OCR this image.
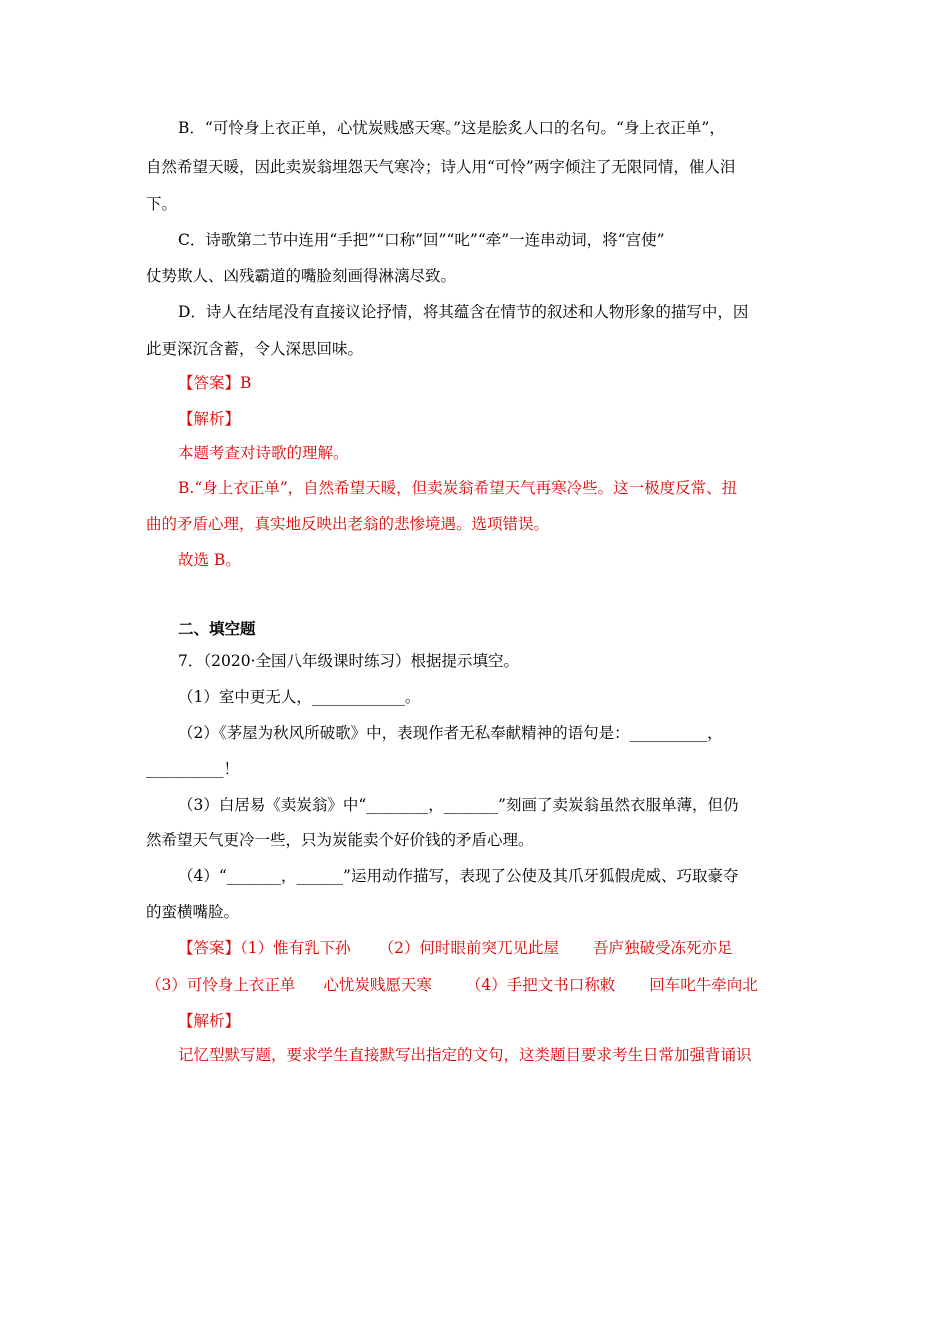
B．“可怜身上衣正单，心忧炭贱感天寒。”这是脍炙人口的名句。“身上衣正单”，
自然希望天暖，因此卖炭翁埋怨天气寒冷；诗人用“可怜”两字倾注了无限同情，催人泪
下。
C．诗歌第二节中连用“手把”“口称”回”“叱”“牵”一连串动词，将“宫使”
仗势欺人、凶残霸道的嘴脸刻画得淋漓尽致。
D．诗人在结尾没有直接议论抒情，将其蕴含在情节的叙述和人物形象的描写中，因
此更深沉含蓄，令人深思回味。
【答案】B
【解析】
本题考查对诗歌的理解。
B.“身上衣正单”，自然希望天暖，但卖炭翁希望天气再寒冷些。这一极度反常、扭
曲的矛盾心理，真实地反映出老翁的悲惨境遇。选项错误。
故选 B。
二、填空题
7．（2020·全国八年级课时练习）根据提示填空。
（1）室中更无人，____________。
（2）《茅屋为秋风所破歌》中，表现作者无私奉献精神的语句是：__________，
__________！
（3）白居易《卖炭翁》中“________，_______”刻画了卖炭翁虽然衣服单薄，但仍
然希望天气更冷一些，只为炭能卖个好价钱的矛盾心理。
（4）“_______，______”运用动作描写，表现了公使及其爪牙狐假虎威、巧取豪夺
的蛮横嘴脸。
【答案】（1）惟有乳下孙 （2）何时眼前突兀见此屋 吾庐独破受冻死亦足
（3）可怜身上衣正单 心忧炭贱愿天寒 （4）手把文书口称敕 回车叱牛牵向北
【解析】
记忆型默写题，要求学生直接默写出指定的文句，这类题目要求考生日常加强背诵识
